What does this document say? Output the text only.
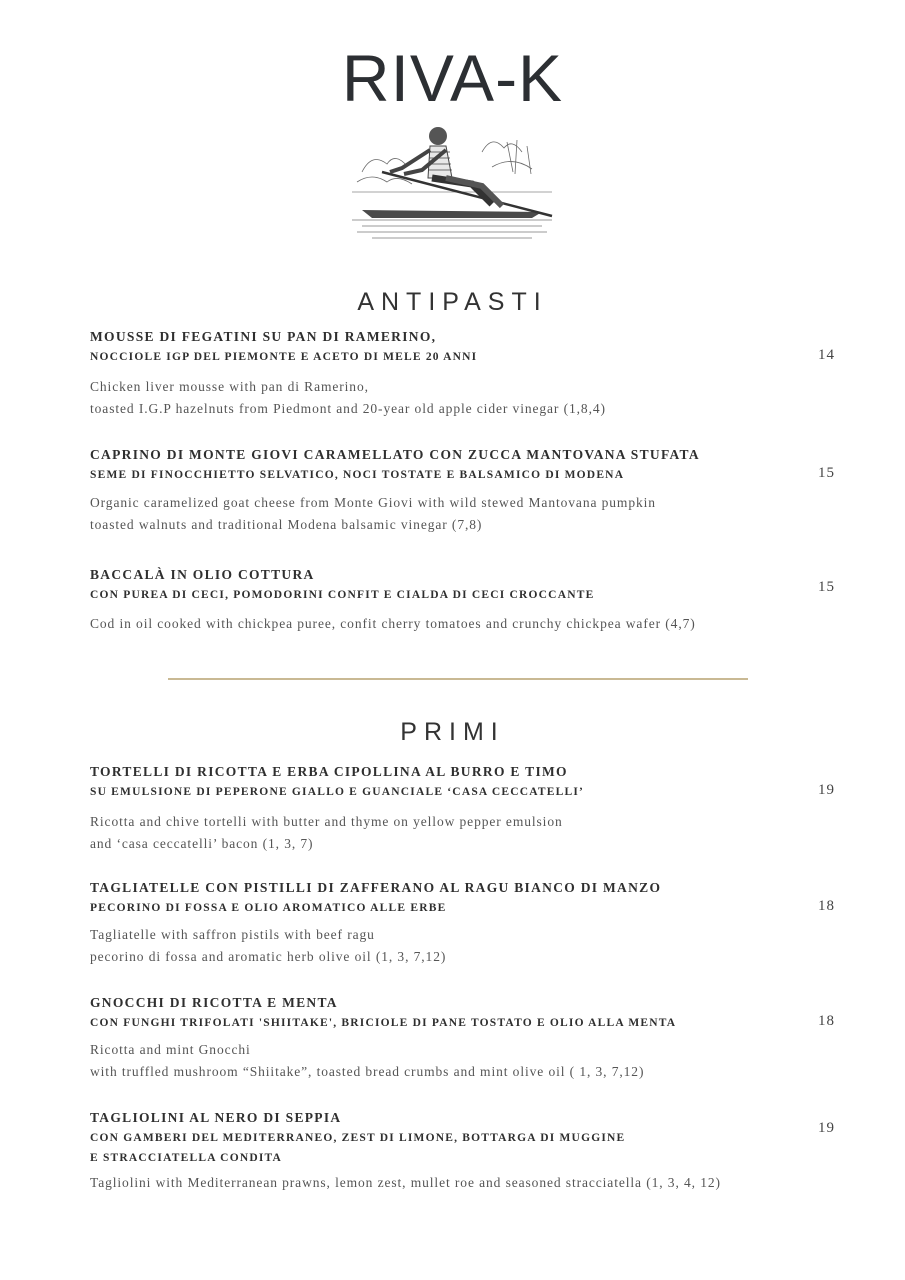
RIVA-K
ANTIPASTI
MOUSSE DI FEGATINI SU PAN DI RAMERINO,
NOCCIOLE IGP DEL PIEMONTE E ACETO DI MELE 20 ANNI	14
Chicken liver mousse with pan di Ramerino,
toasted I.G.P hazelnuts from Piedmont and 20-year old apple cider vinegar (1,8,4)
CAPRINO DI MONTE GIOVI CARAMELLATO CON ZUCCA MANTOVANA STUFATA
SEME DI FINOCCHIETTO SELVATICO, NOCI TOSTATE E BALSAMICO DI MODENA	15
Organic caramelized goat cheese from Monte Giovi with wild stewed Mantovana pumpkin
toasted walnuts and traditional Modena balsamic vinegar (7,8)
BACCALÀ IN OLIO COTTURA
CON PUREA DI CECI, POMODORINI CONFIT E CIALDA DI CECI CROCCANTE	15
Cod in oil cooked with chickpea puree, confit cherry tomatoes and crunchy chickpea wafer (4,7)
PRIMI
TORTELLI DI RICOTTA E ERBA CIPOLLINA AL BURRO E TIMO
SU EMULSIONE DI PEPERONE GIALLO E GUANCIALE ‘CASA CECCATELLI’	19
Ricotta and chive tortelli with butter and thyme on yellow pepper emulsion
and ‘casa ceccatelli’ bacon (1, 3, 7)
TAGLIATELLE CON PISTILLI DI ZAFFERANO AL RAGU BIANCO DI MANZO
PECORINO DI FOSSA E OLIO AROMATICO ALLE ERBE	18
Tagliatelle with saffron pistils with beef ragu
pecorino di fossa and aromatic herb olive oil (1, 3, 7,12)
GNOCCHI DI RICOTTA E MENTA
CON FUNGHI TRIFOLATI 'SHIITAKE', BRICIOLE DI PANE TOSTATO E OLIO ALLA MENTA	18
Ricotta and mint Gnocchi
with truffled mushroom “Shiitake”, toasted bread crumbs and mint olive oil ( 1, 3, 7,12)
TAGLIOLINI AL NERO DI SEPPIA
CON GAMBERI DEL MEDITERRANEO, ZEST DI LIMONE, BOTTARGA DI MUGGINE
E STRACCIATELLA CONDITA
19
Tagliolini with Mediterranean prawns, lemon zest, mullet roe and seasoned stracciatella (1, 3, 4, 12)
